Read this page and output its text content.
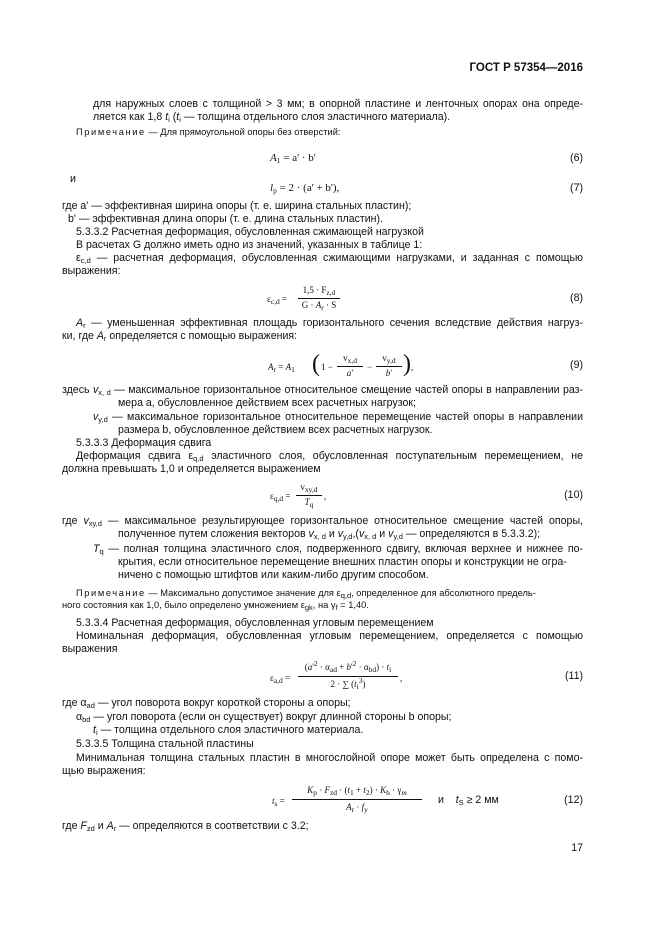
ГОСТ Р 57354—2016
для наружных слоев с толщиной > 3 мм; в опорной пластине и ленточных опорах она опреде-
ляется как 1,8 $t_i$ ($t_i$ — толщина отдельного слоя эластичного материала).
Примечание — Для прямоугольной опоры без отверстий:
$A_1 = a' \cdot b'$	(6)
и
$l_p = 2 \cdot (a' + b')$,	(7)
где a' — эффективная ширина опоры (т. е. ширина стальных пластин);
b' — эффективная длина опоры (т. е. длина стальных пластин).
5.3.3.2 Расчетная деформация, обусловленная сжимающей нагрузкой
В расчетах G должно иметь одно из значений, указанных в таблице 1:
$\varepsilon_{c,d}$ — расчетная деформация, обусловленная сжимающими нагрузками, и заданная с помощью
выражения:
$\varepsilon_{c,d}$ =
$1,5 \cdot F_{z,d}$
$G \cdot A_r \cdot S$
(8)
$A_r$ — уменьшенная эффективная площадь горизонтального сечения вследствие действия нагруз-
ки, где $A_r$ определяется с помощью выражения:
$A_r = A_1$ ( 1 −
$v_{x,d}$
a'
−
$v_{y,d}$
b' ) ,	(9)
здесь $v_{x, d}$ — максимальное горизонтальное относительное смещение частей опоры в направлении раз-
мера a, обусловленное действием всех расчетных нагрузок;
$v_{y,d}$ — максимальное горизонтальное относительное перемещение частей опоры в направлении
размера b, обусловленное действием всех расчетных нагрузок.
5.3.3.3 Деформация сдвига
Деформация сдвига $\varepsilon_{q,d}$ эластичного слоя, обусловленная поступательным перемещением, не
должна превышать 1,0 и определяется выражением
$\varepsilon_{q,d}$ =
$v_{xy,d}$
$T_q$
,	(10)
где $v_{xy,d}$ — максимальное результирующее горизонтальное относительное смещение частей опоры,
полученное путем сложения векторов $v_{x, d}$ и $v_{y,d},(v_{x, d}$ и $v_{y,d}$ — определяются в 5.3.3.2);
$T_q$ — полная толщина эластичного слоя, подверженного сдвигу, включая верхнее и нижнее по-
крытия, если относительное перемещение внешних пластин опоры и конструкции не огра-
ничено с помощью штифтов или каким-либо другим способом.
Примечание — Максимально допустимое значение для $\varepsilon_{q,d}$, определенное для абсолютного предель-
ного состояния как 1,0, было определено умножением $\varepsilon_{gk}$, на $\gamma_f = 1,40$.
5.3.3.4 Расчетная деформация, обусловленная угловым перемещением
Номинальная деформация, обусловленная угловым перемещением, определяется с помощью
выражения
$\varepsilon_{a,d}$ =
$(a'^2 \cdot \alpha_{ad} + b'^2 \cdot \alpha_{bd}) \cdot t_i$
2 · ∑ $(t_i^3)$
,	(11)
где $\alpha_{ad}$ — угол поворота вокруг короткой стороны a опоры;
$\alpha_{bd}$ — угол поворота (если он существует) вокруг длинной стороны b опоры;
$t_i$ — толщина отдельного слоя эластичного материала.
5.3.3.5 Толщина стальной пластины
Минимальная толщина стальных пластин в многослойной опоре может быть определена с помо-
щью выражения:
$t_s$ =
$K_p \cdot F_{zd} \cdot (t_1 + t_2) \cdot K_h \cdot \gamma_m$
$A_r \cdot f_y$
и    $t_S \ge 2$ мм	(12)
где $F_{zd}$ и $A_r$ — определяются в соответствии с 3.2;
17
